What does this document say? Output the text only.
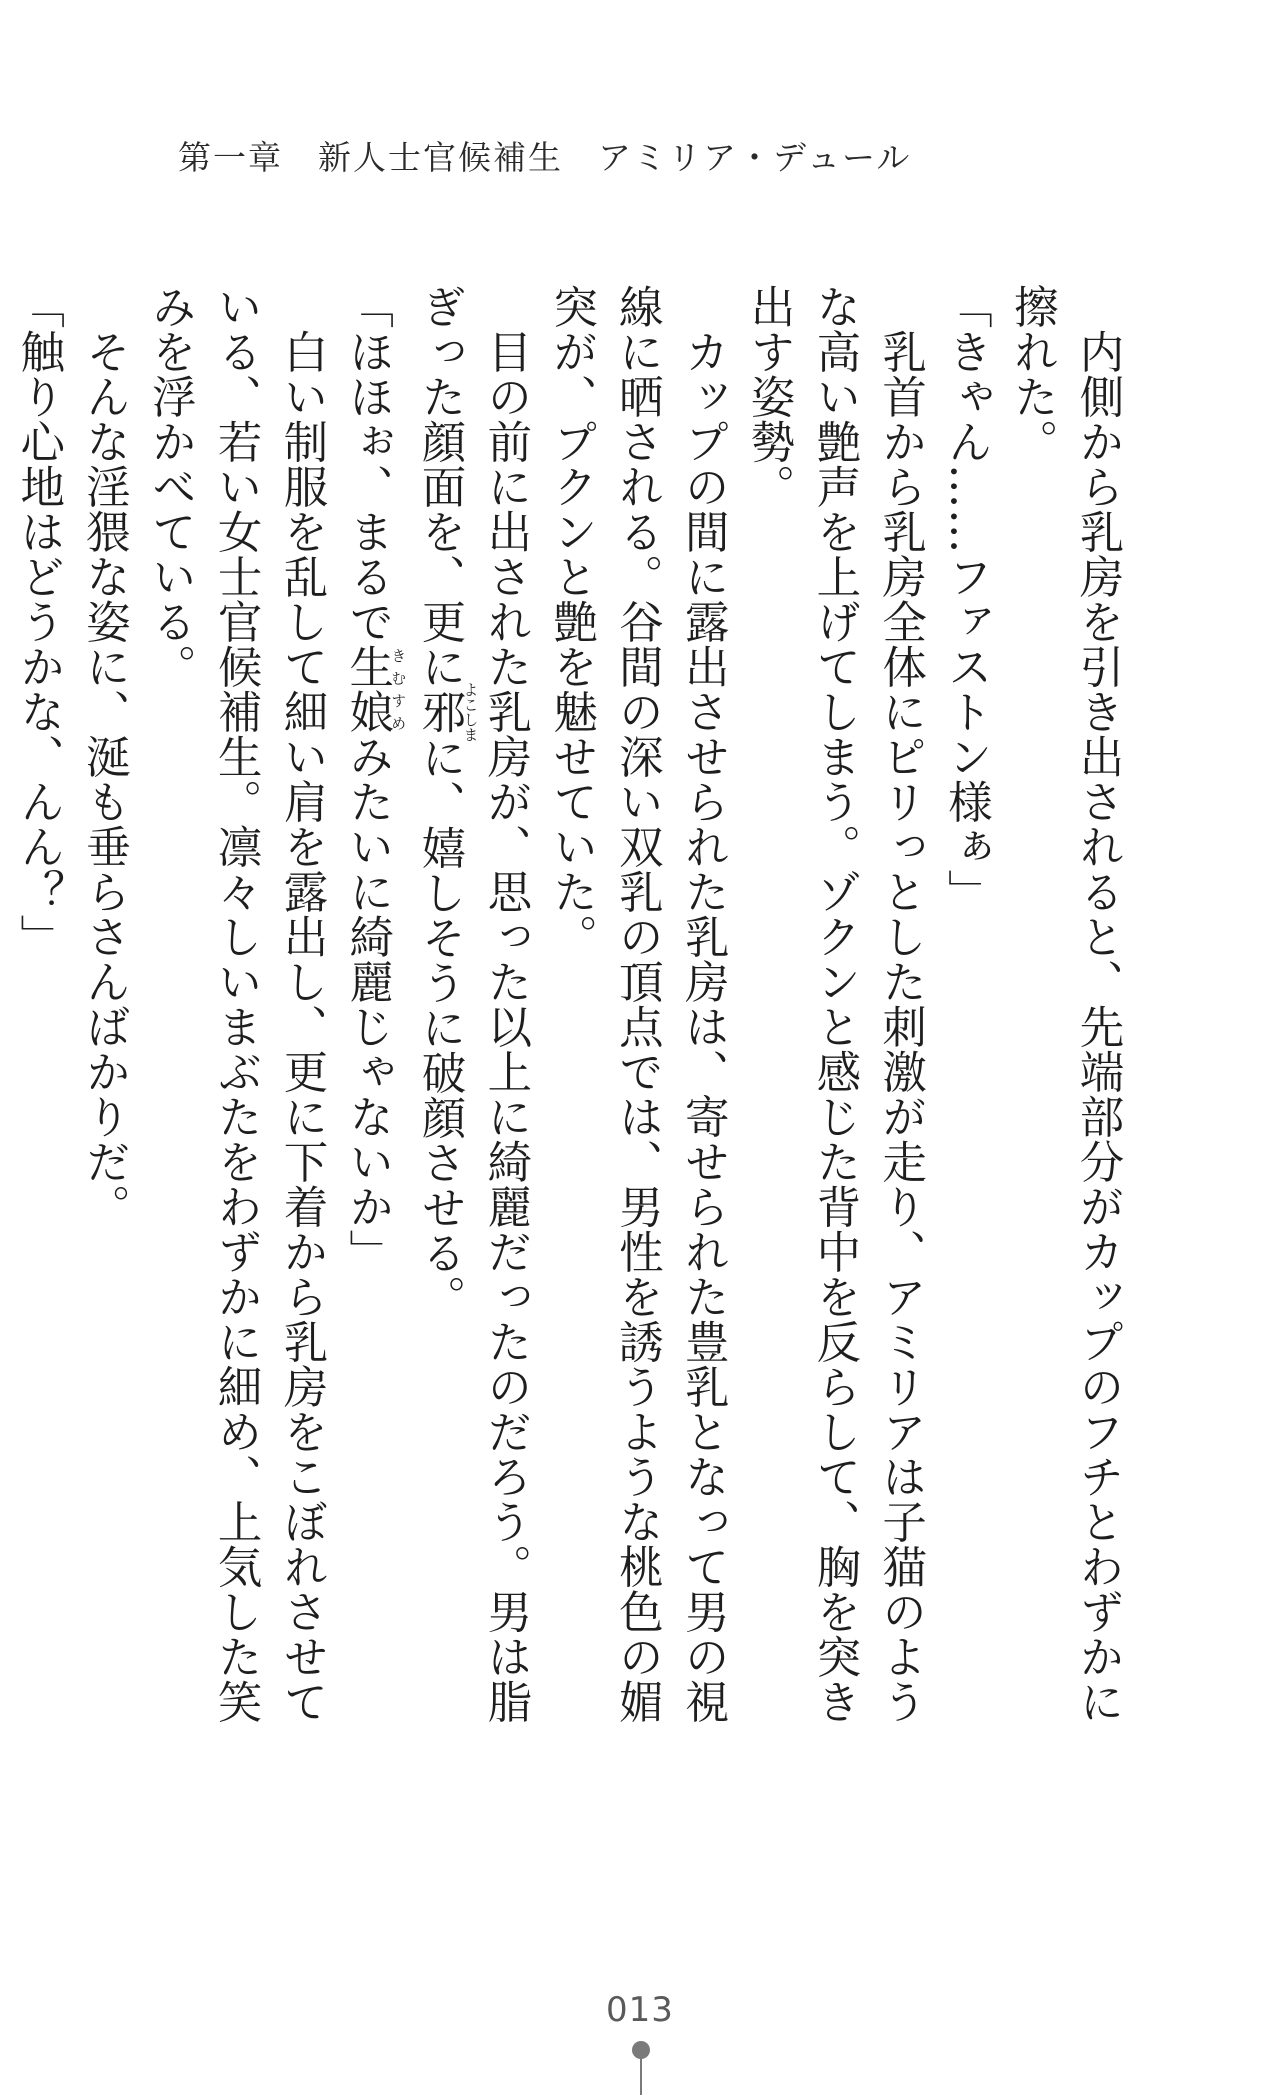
第一章　新人士官候補生　アミリア・デュール

内側から乳房を引き出されると、先端部分がカップのフチとわずかに擦れた。

「きゃん……ファストン様ぁ」

乳首から乳房全体にピリっとした刺激が走り、アミリアは子猫のような高い艶声を上げてしまう。ゾクンと感じた背中を反らして、胸を突き出す姿勢。

カップの間に露出させられた乳房は、寄せられた豊乳となって男の視線に晒される。谷間の深い双乳の頂点では、男性を誘うような桃色の媚突が、プクンと艶を魅せていた。

目の前に出された乳房が、思った以上に綺麗だったのだろう。男は脂ぎった顔面を、更に邪よこしまに、嬉しそうに破顔させる。

「ほほぉ、まるで生娘きむすめみたいに綺麗じゃないか」

白い制服を乱して細い肩を露出し、更に下着から乳房をこぼれさせている、若い女士官候補生。凛々しいまぶたをわずかに細め、上気した笑みを浮かべている。

そんな淫猥な姿に、涎も垂らさんばかりだ。

「触り心地はどうかな、んん？」

013
